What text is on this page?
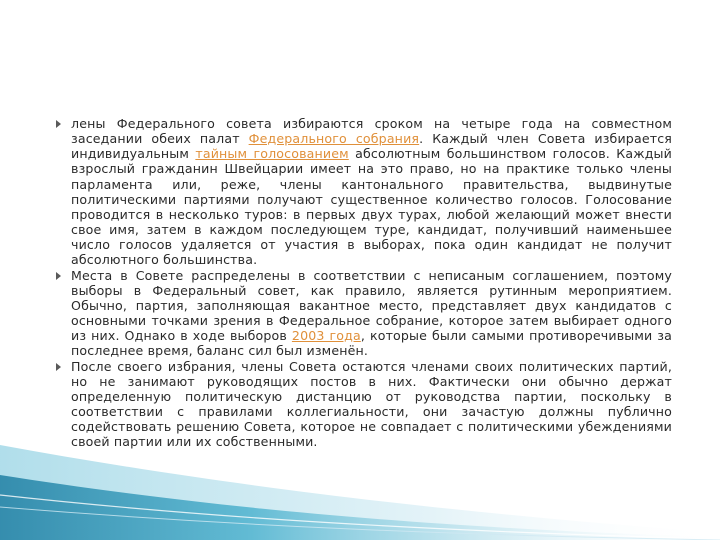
лены Федерального совета избираются сроком на четыре года на совместном заседании обеих палат Федерального собрания. Каждый член Совета избирается индивидуальным тайным голосованием абсолютным большинством голосов. Каждый взрослый гражданин Швейцарии имеет на это право, но на практике только члены парламента или, реже, члены кантонального правительства, выдвинутые политическими партиями получают существенное количество голосов. Голосование проводится в несколько туров: в первых двух турах, любой желающий может внести свое имя, затем в каждом последующем туре, кандидат, получивший наименьшее число голосов удаляется от участия в выборах, пока один кандидат не получит абсолютного большинства.
Места в Совете распределены в соответствии с неписаным соглашением, поэтому выборы в Федеральный совет, как правило, является рутинным мероприятием. Обычно, партия, заполняющая вакантное место, представляет двух кандидатов с основными точками зрения в Федеральное собрание, которое затем выбирает одного из них. Однако в ходе выборов 2003 года, которые были самыми противоречивыми за последнее время, баланс сил был изменён.
После своего избрания, члены Совета остаются членами своих политических партий, но не занимают руководящих постов в них. Фактически они обычно держат определенную политическую дистанцию от руководства партии, поскольку в соответствии с правилами коллегиальности, они зачастую должны публично содействовать решению Совета, которое не совпадает с политическими убеждениями своей партии или их собственными.
